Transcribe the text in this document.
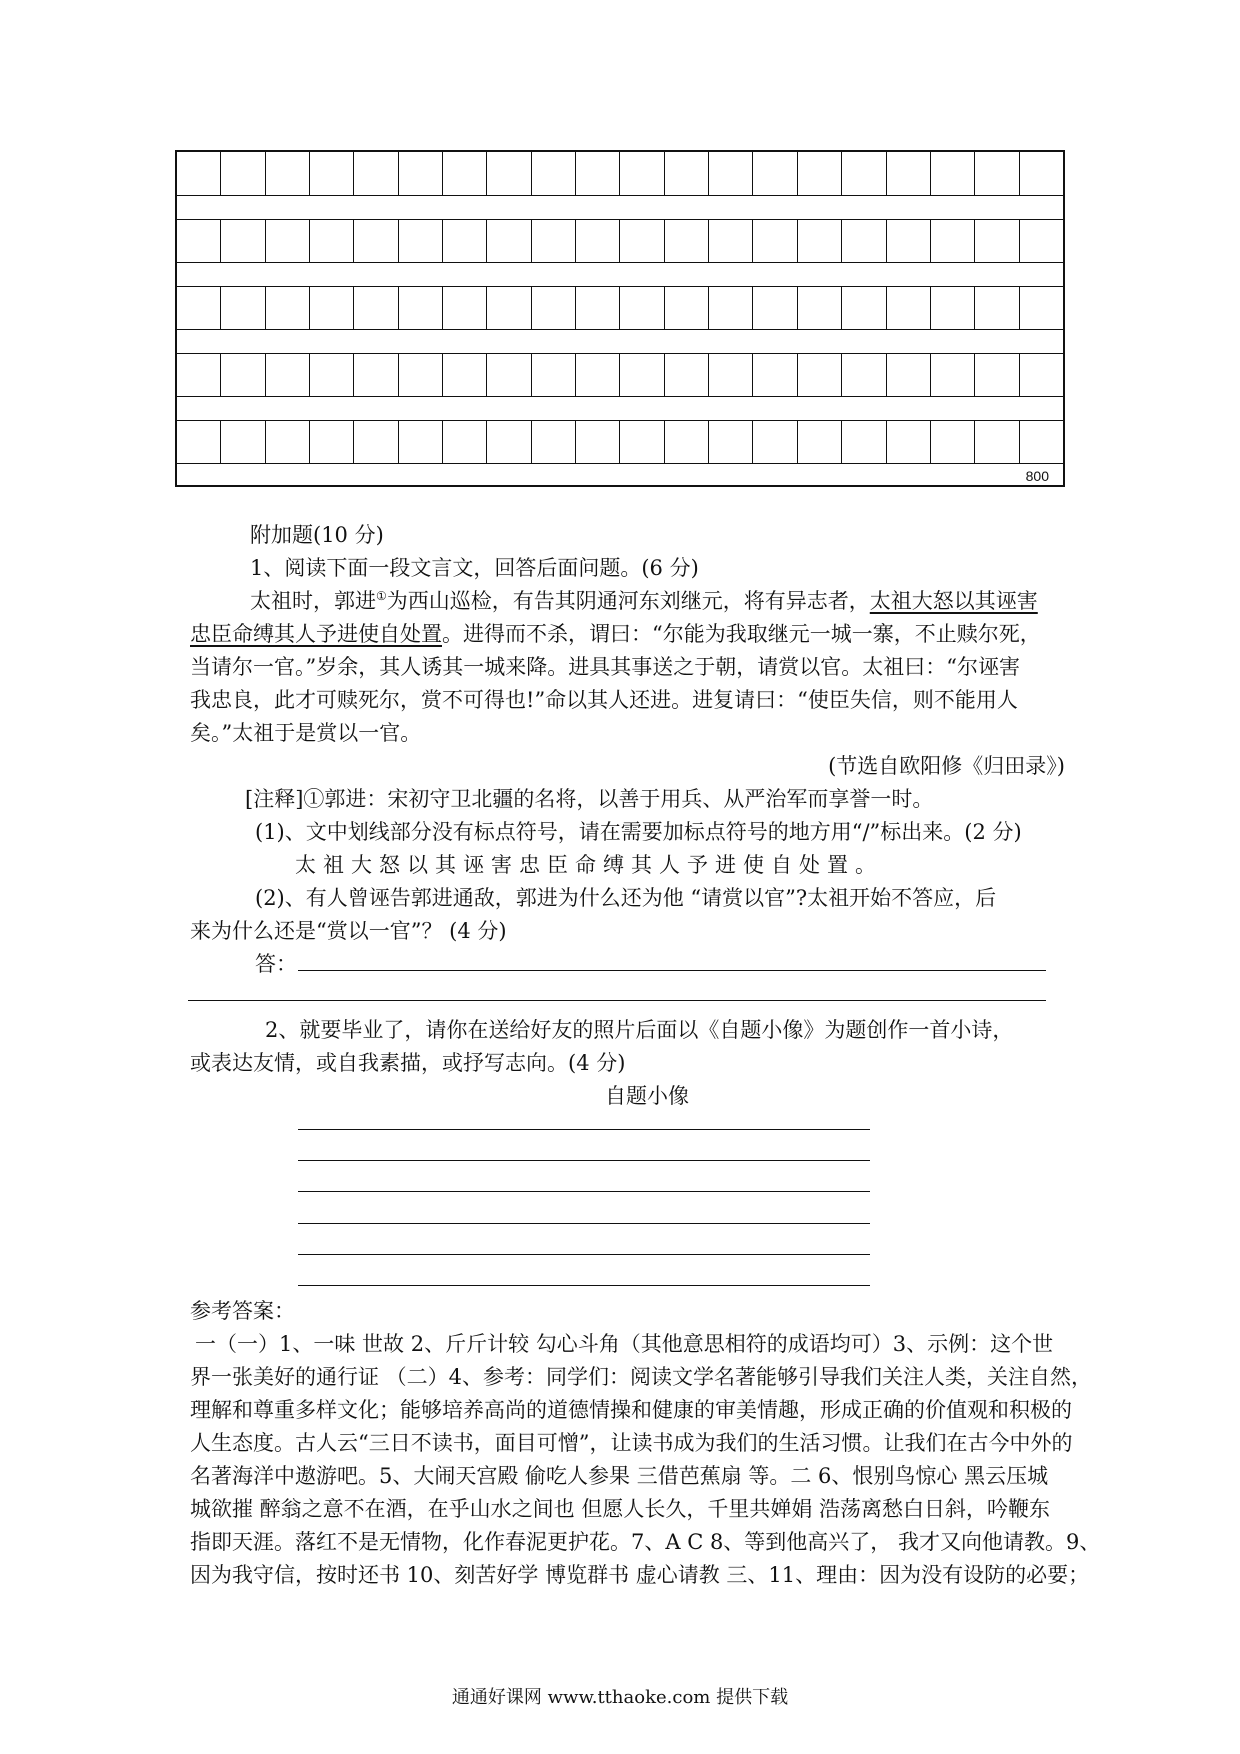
800
附加题(10 分)
1、阅读下面一段文言文，回答后面问题。(6 分)
太祖时，郭进①为西山巡检，有告其阴通河东刘继元，将有异志者，太祖大怒以其诬害
忠臣命缚其人予进使自处置。进得而不杀，谓曰：“尔能为我取继元一城一寨，不止赎尔死，
当请尔一官。”岁余，其人诱其一城来降。进具其事送之于朝，请赏以官。太祖曰：“尔诬害
我忠良，此才可赎死尔，赏不可得也!”命以其人还进。进复请曰：“使臣失信，则不能用人
矣。”太祖于是赏以一官。
(节选自欧阳修《归田录》)
[注释]①郭进：宋初守卫北疆的名将，以善于用兵、从严治军而享誉一时。
(1)、文中划线部分没有标点符号，请在需要加标点符号的地方用“/”标出来。(2 分)
太祖大怒以其诬害忠臣命缚其人予进使自处置。
(2)、有人曾诬告郭进通敌，郭进为什么还为他 “请赏以官”?太祖开始不答应，后
来为什么还是“赏以一官”？ (4 分)
答：
2、就要毕业了，请你在送给好友的照片后面以《自题小像》为题创作一首小诗，
或表达友情，或自我素描，或抒写志向。(4 分)
自题小像
参考答案：
一（一）1、一味 世故 2、斤斤计较 勾心斗角（其他意思相符的成语均可）3、示例：这个世
界一张美好的通行证 （二）4、参考：同学们：阅读文学名著能够引导我们关注人类，关注自然，
理解和尊重多样文化；能够培养高尚的道德情操和健康的审美情趣，形成正确的价值观和积极的
人生态度。古人云“三日不读书，面目可憎”，让读书成为我们的生活习惯。让我们在古今中外的
名著海洋中遨游吧。5、大闹天宫殿 偷吃人参果 三借芭蕉扇 等。二 6、恨别鸟惊心 黑云压城
城欲摧 醉翁之意不在酒，在乎山水之间也 但愿人长久，千里共婵娟 浩荡离愁白日斜，吟鞭东
指即天涯。落红不是无情物，化作春泥更护花。7、A C 8、等到他高兴了， 我才又向他请教。9、
因为我守信，按时还书 10、刻苦好学 博览群书 虚心请教 三、11、理由：因为没有设防的必要；
通通好课网 www.tthaoke.com 提供下载
